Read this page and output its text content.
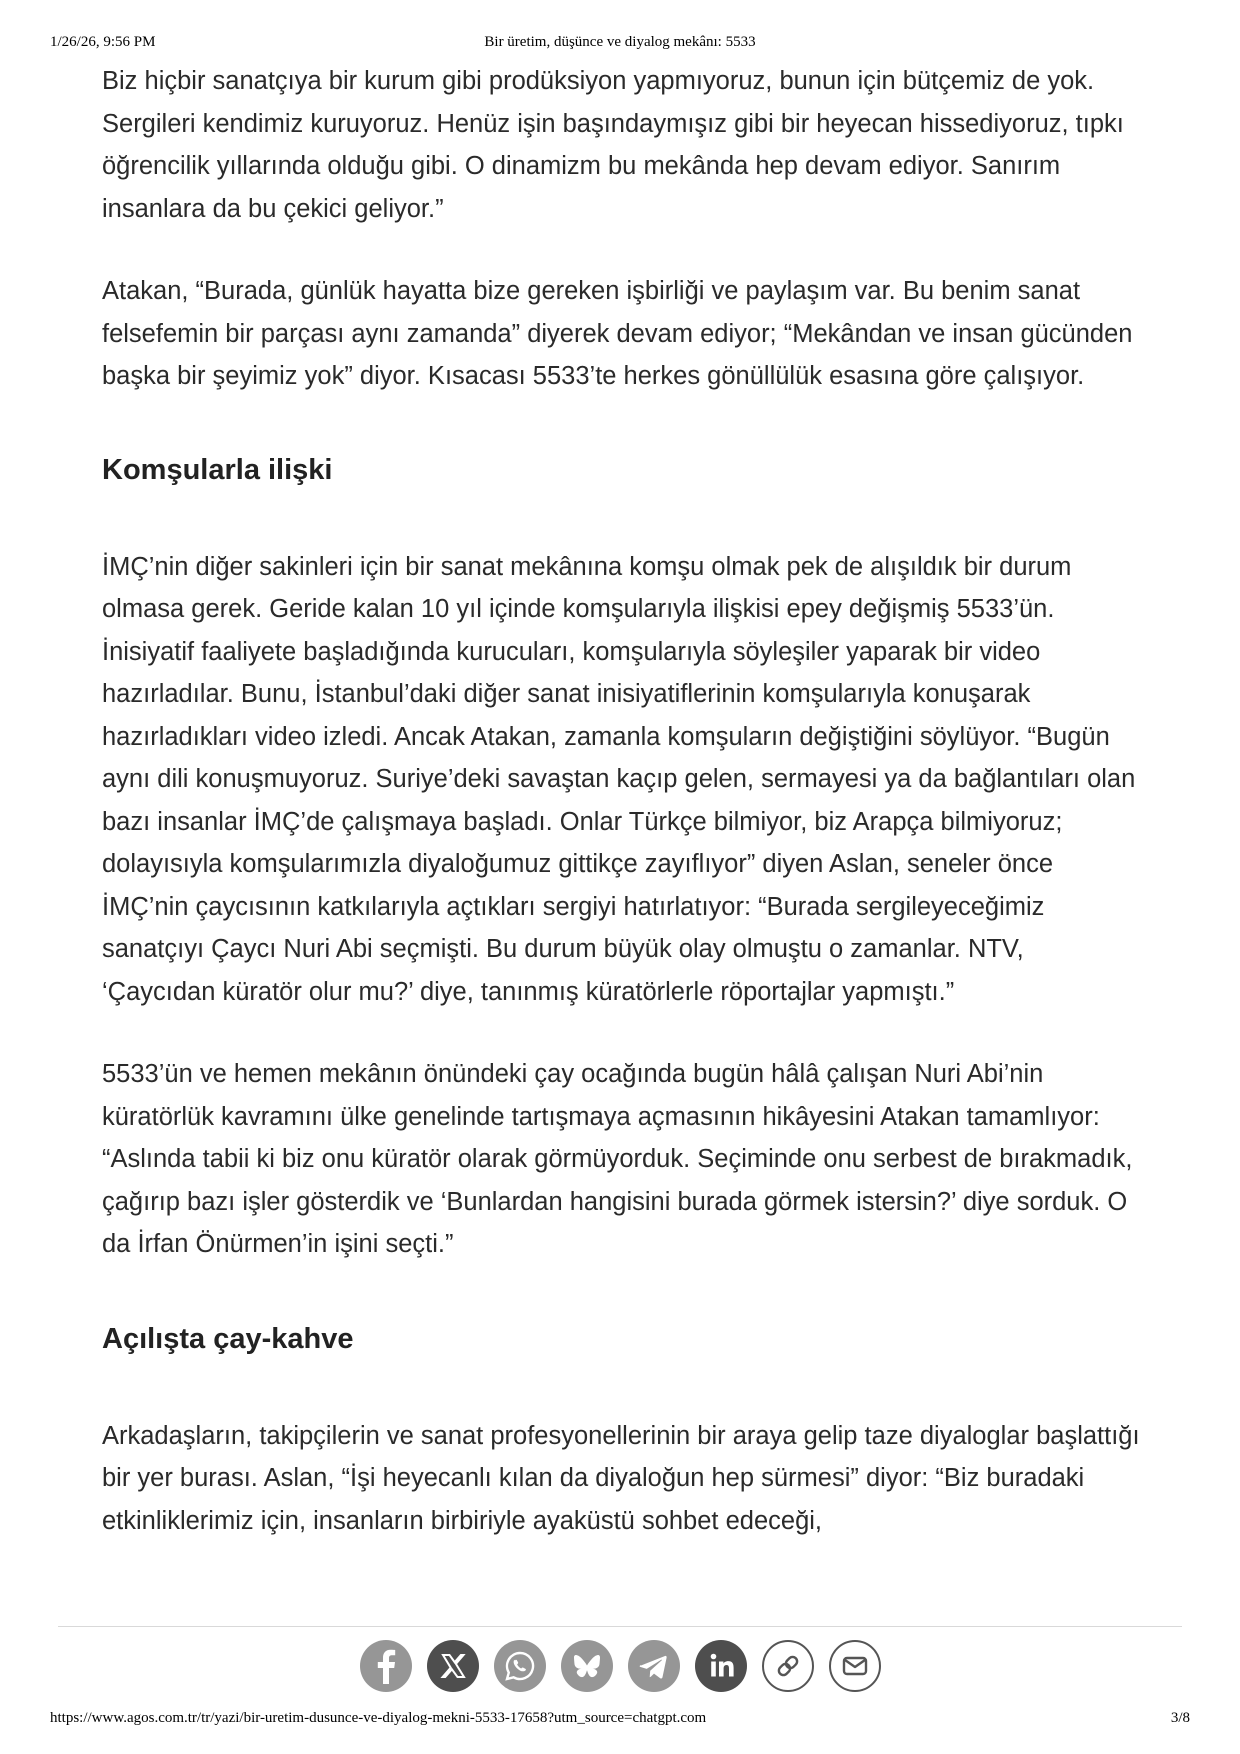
1/26/26, 9:56 PM	Bir üretim, düşünce ve diyalog mekânı: 5533

Biz hiçbir sanatçıya bir kurum gibi prodüksiyon yapmıyoruz, bunun için bütçemiz de yok. Sergileri kendimiz kuruyoruz. Henüz işin başındaymışız gibi bir heyecan hissediyoruz, tıpkı öğrencilik yıllarında olduğu gibi. O dinamizm bu mekânda hep devam ediyor. Sanırım insanlara da bu çekici geliyor.”

Atakan, “Burada, günlük hayatta bize gereken işbirliği ve paylaşım var. Bu benim sanat felsefemin bir parçası aynı zamanda” diyerek devam ediyor; “Mekândan ve insan gücünden başka bir şeyimiz yok” diyor. Kısacası 5533’te herkes gönüllülük esasına göre çalışıyor.

Komşularla ilişki

İMÇ’nin diğer sakinleri için bir sanat mekânına komşu olmak pek de alışıldık bir durum olmasa gerek. Geride kalan 10 yıl içinde komşularıyla ilişkisi epey değişmiş 5533’ün. İnisiyatif faaliyete başladığında kurucuları, komşularıyla söyleşiler yaparak bir video hazırladılar. Bunu, İstanbul’daki diğer sanat inisiyatiflerinin komşularıyla konuşarak hazırladıkları video izledi. Ancak Atakan, zamanla komşuların değiştiğini söylüyor. “Bugün aynı dili konuşmuyoruz. Suriye’deki savaştan kaçıp gelen, sermayesi ya da bağlantıları olan bazı insanlar İMÇ’de çalışmaya başladı. Onlar Türkçe bilmiyor, biz Arapça bilmiyoruz; dolayısıyla komşularımızla diyaloğumuz gittikçe zayıflıyor” diyen Aslan, seneler önce İMÇ’nin çaycısının katkılarıyla açtıkları sergiyi hatırlatıyor: “Burada sergileyeceğimiz sanatçıyı Çaycı Nuri Abi seçmişti. Bu durum büyük olay olmuştu o zamanlar. NTV, ‘Çaycıdan küratör olur mu?’ diye, tanınmış küratörlerle röportajlar yapmıştı.”

5533’ün ve hemen mekânın önündeki çay ocağında bugün hâlâ çalışan Nuri Abi’nin küratörlük kavramını ülke genelinde tartışmaya açmasının hikâyesini Atakan tamamlıyor: “Aslında tabii ki biz onu küratör olarak görmüyorduk. Seçiminde onu serbest de bırakmadık, çağırıp bazı işler gösterdik ve ‘Bunlardan hangisini burada görmek istersin?’ diye sorduk. O da İrfan Önürmen’in işini seçti.”

Açılışta çay-kahve

Arkadaşların, takipçilerin ve sanat profesyonellerinin bir araya gelip taze diyaloglar başlattığı bir yer burası. Aslan, “İşi heyecanlı kılan da diyaloğun hep sürmesi” diyor: “Biz buradaki etkinliklerimiz için, insanların birbiriyle ayaküstü sohbet edeceği,

https://www.agos.com.tr/tr/yazi/bir-uretim-dusunce-ve-diyalog-mekni-5533-17658?utm_source=chatgpt.com	3/8
